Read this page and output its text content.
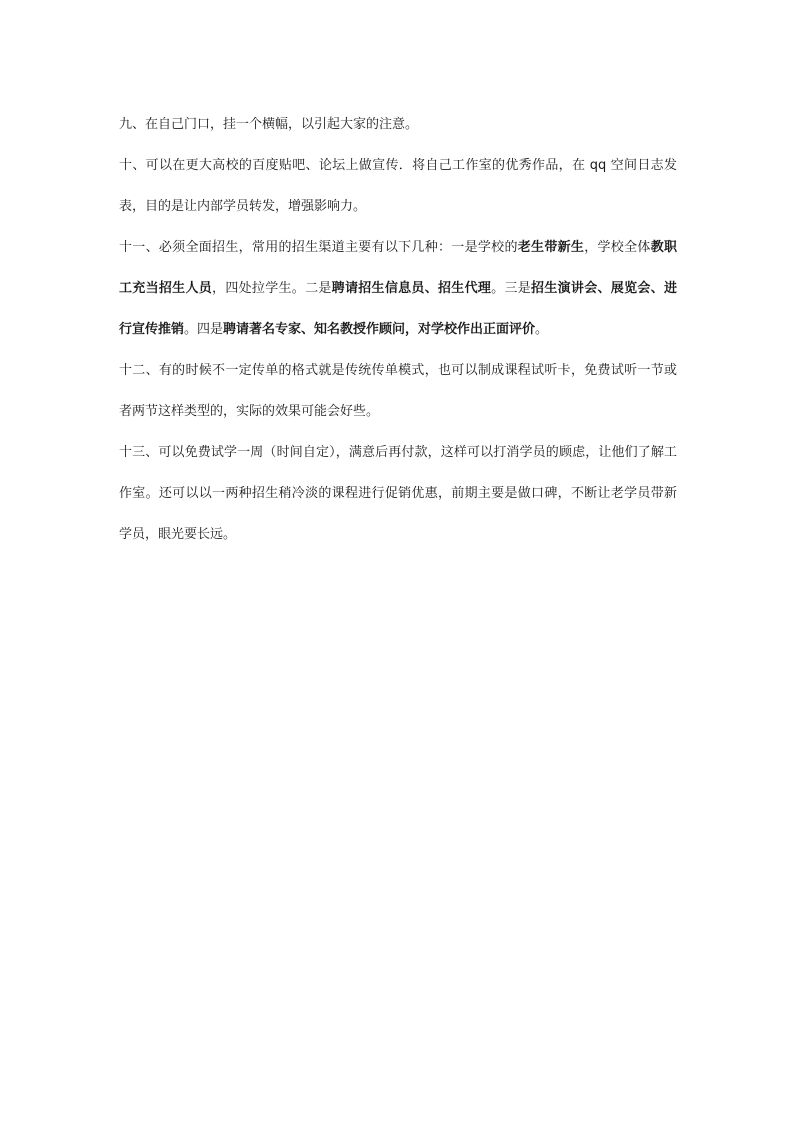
九、在自己门口，挂一个横幅，以引起大家的注意。

十、可以在更大高校的百度贴吧、论坛上做宣传．将自己工作室的优秀作品，在 qq 空间日志发表，目的是让内部学员转发，增强影响力。

十一、必须全面招生，常用的招生渠道主要有以下几种：一是学校的老生带新生，学校全体教职工充当招生人员，四处拉学生。二是聘请招生信息员、招生代理。三是招生演讲会、展览会、进行宣传推销。四是聘请著名专家、知名教授作顾问，对学校作出正面评价。

十二、有的时候不一定传单的格式就是传统传单模式，也可以制成课程试听卡，免费试听一节或者两节这样类型的，实际的效果可能会好些。

十三、可以免费试学一周（时间自定），满意后再付款，这样可以打消学员的顾虑，让他们了解工作室。还可以以一两种招生稍冷淡的课程进行促销优惠，前期主要是做口碑，不断让老学员带新学员，眼光要长远。
